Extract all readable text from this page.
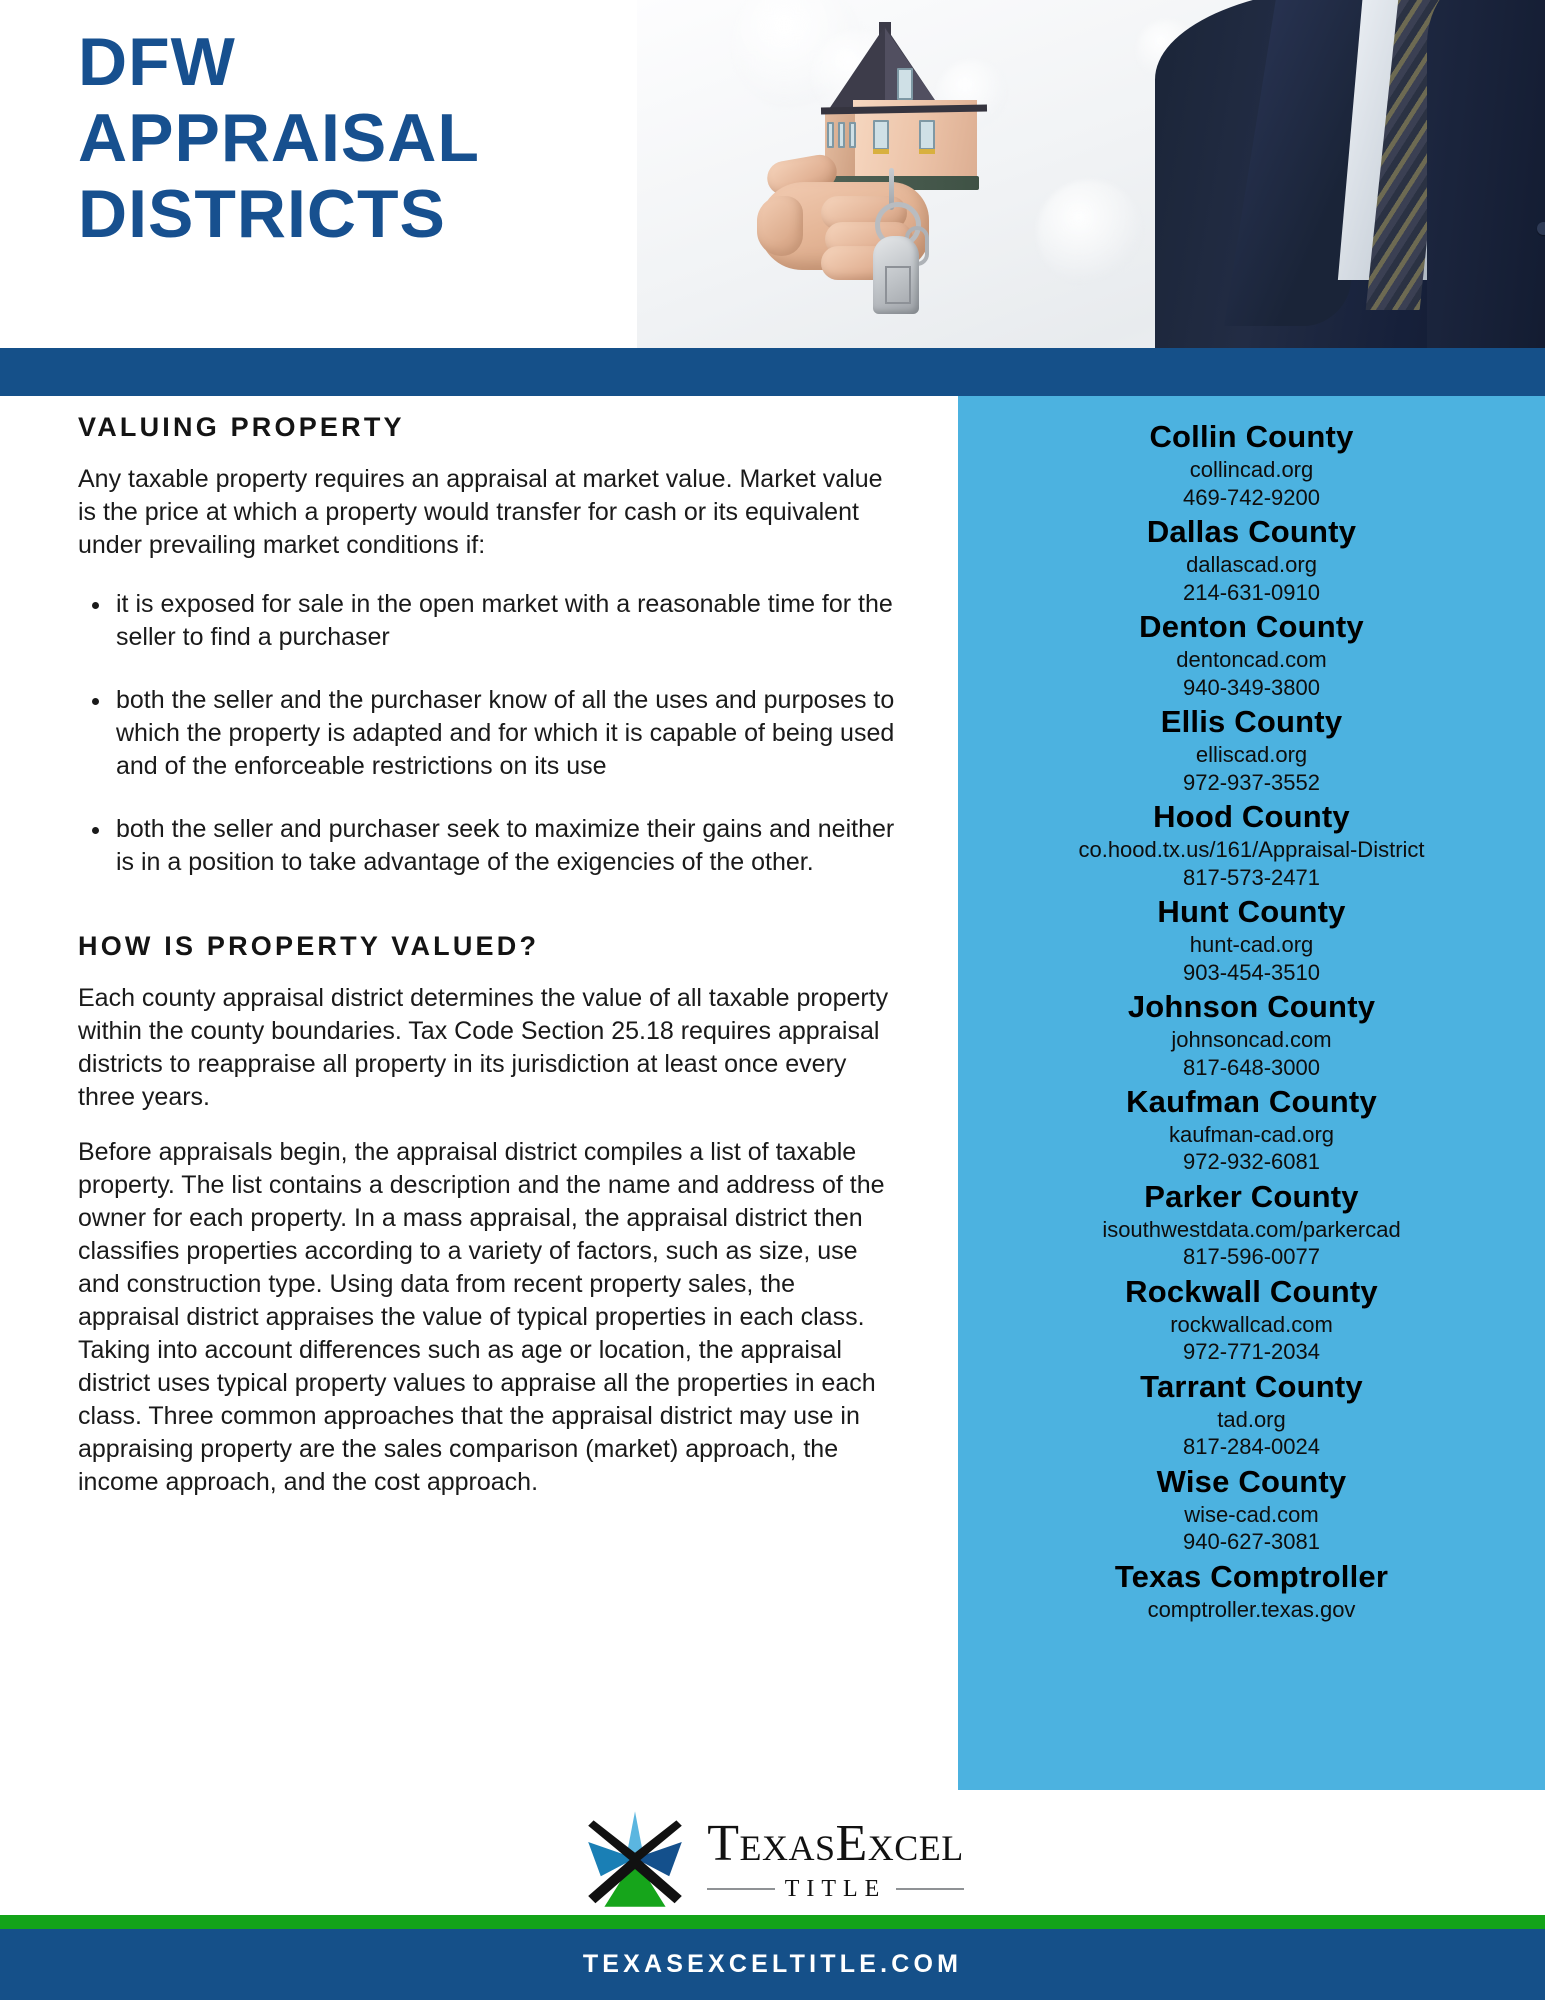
DFW
APPRAISAL
DISTRICTS
VALUING PROPERTY

Any taxable property requires an appraisal at market value. Market value is the price at which a property would transfer for cash or its equivalent under prevailing market conditions if:

it is exposed for sale in the open market with a reasonable time for the seller to find a purchaser
both the seller and the purchaser know of all the uses and purposes to which the property is adapted and for which it is capable of being used and of the enforceable restrictions on its use
both the seller and purchaser seek to maximize their gains and neither is in a position to take advantage of the exigencies of the other.
HOW IS PROPERTY VALUED?

Each county appraisal district determines the value of all taxable property within the county boundaries. Tax Code Section 25.18 requires appraisal districts to reappraise all property in its jurisdiction at least once every three years.

Before appraisals begin, the appraisal district compiles a list of taxable property. The list contains a description and the name and address of the owner for each property. In a mass appraisal, the appraisal district then classifies properties according to a variety of factors, such as size, use and construction type. Using data from recent property sales, the appraisal district appraises the value of typical properties in each class. Taking into account differences such as age or location, the appraisal district uses typical property values to appraise all the properties in each class. Three common approaches that the appraisal district may use in appraising property are the sales comparison (market) approach, the income approach, and the cost approach.

Collin County
collincad.org
469-742-9200
Dallas County
dallascad.org
214-631-0910
Denton County
dentoncad.com
940-349-3800
Ellis County
elliscad.org
972-937-3552
Hood County
co.hood.tx.us/161/Appraisal-District
817-573-2471
Hunt County
hunt-cad.org
903-454-3510
Johnson County
johnsoncad.com
817-648-3000
Kaufman County
kaufman-cad.org
972-932-6081
Parker County
isouthwestdata.com/parkercad
817-596-0077
Rockwall County
rockwallcad.com
972-771-2034
Tarrant County
tad.org
817-284-0024
Wise County
wise-cad.com
940-627-3081
Texas Comptroller
comptroller.texas.gov
TexasExcel
TITLE
TEXASEXCELTITLE.COM
